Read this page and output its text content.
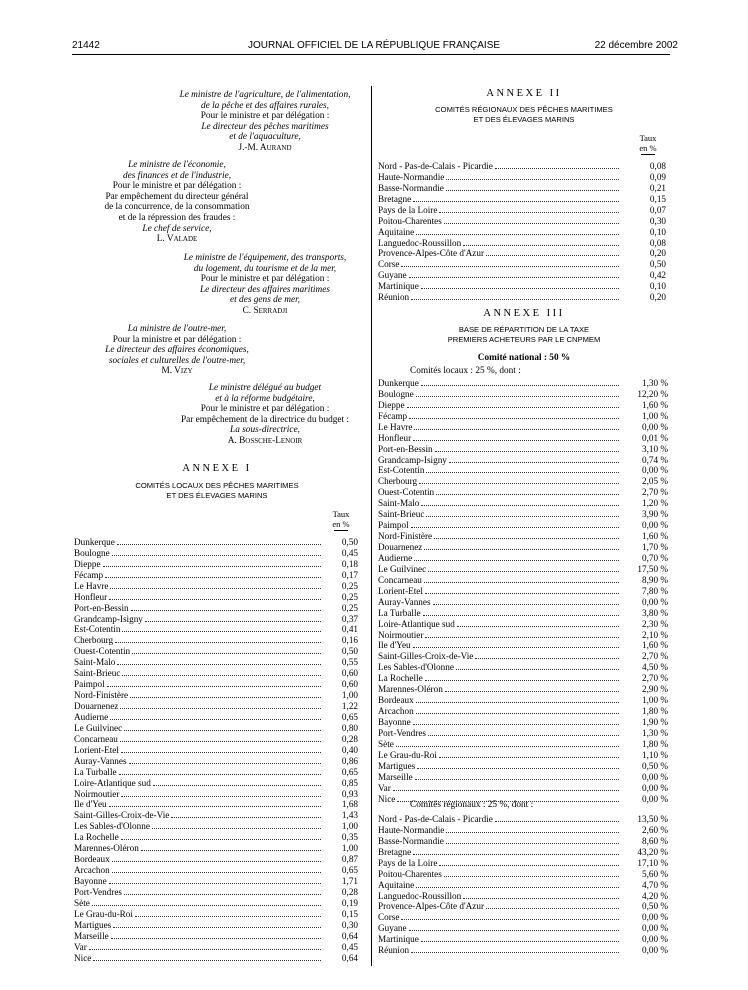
21442	JOURNAL OFFICIEL DE LA RÉPUBLIQUE FRANÇAISE	22 décembre 2002
Le ministre de l'agriculture, de l'alimentation,
de la pêche et des affaires rurales,
Pour le ministre et par délégation :
Le directeur des pêches maritimes
et de l'aquaculture,
J.-M. Aurand
Le ministre de l'économie,
des finances et de l'industrie,
Pour le ministre et par délégation :
Par empêchement du directeur général
de la concurrence, de la consommation
et de la répression des fraudes :
Le chef de service,
L. Valade
Le ministre de l'équipement, des transports,
du logement, du tourisme et de la mer,
Pour le ministre et par délégation :
Le directeur des affaires maritimes
et des gens de mer,
C. Serradji
La ministre de l'outre-mer,
Pour la ministre et par délégation :
Le directeur des affaires économiques,
sociales et culturelles de l'outre-mer,
M. Vizy
Le ministre délégué au budget
et à la réforme budgétaire,
Pour le ministre et par délégation :
Par empêchement de la directrice du budget :
La sous-directrice,
A. Bossche-Lenoir
ANNEXE I
COMITÉS LOCAUX DES PÊCHES MARITIMES
ET DES ÉLEVAGES MARINS
Taux
en %
Dunkerque	0,50
Boulogne	0,45
Dieppe	0,18
Fécamp	0,17
Le Havre	0,25
Honfleur	0,25
Port-en-Bessin	0,25
Grandcamp-Isigny	0,37
Est-Cotentin	0,41
Cherbourg	0,16
Ouest-Cotentin	0,50
Saint-Malo	0,55
Saint-Brieuc	0,60
Paimpol	0,60
Nord-Finistère	1,00
Douarnenez	1,22
Audierne	0,65
Le Guilvinec	0,80
Concarneau	0,28
Lorient-Etel	0,40
Auray-Vannes	0,86
La Turballe	0,65
Loire-Atlantique sud	0,85
Noirmoutier	0,93
Ile d'Yeu	1,68
Saint-Gilles-Croix-de-Vie	1,43
Les Sables-d'Olonne	1,00
La Rochelle	0,35
Marennes-Oléron	1,00
Bordeaux	0,87
Arcachon	0,65
Bayonne	1,71
Port-Vendres	0,28
Sète	0,19
Le Grau-du-Roi	0,15
Martigues	0,30
Marseille	0,64
Var	0,45
Nice	0,64
ANNEXE II
COMITÉS RÉGIONAUX DES PÊCHES MARITIMES
ET DES ÉLEVAGES MARINS
Taux
en %
Nord - Pas-de-Calais - Picardie	0,08
Haute-Normandie	0,09
Basse-Normandie	0,21
Bretagne	0,15
Pays de la Loire	0,07
Poitou-Charentes	0,30
Aquitaine	0,10
Languedoc-Roussillon	0,08
Provence-Alpes-Côte d'Azur	0,20
Corse	0,50
Guyane	0,42
Martinique	0,10
Réunion	0,20
ANNEXE III
BASE DE RÉPARTITION DE LA TAXE
PREMIERS ACHETEURS PAR LE CNPMEM
Comité national : 50 %
Comités locaux : 25 %, dont :
Dunkerque	1,30 %
Boulogne	12,20 %
Dieppe	1,60 %
Fécamp	1,00 %
Le Havre	0,00 %
Honfleur	0,01 %
Port-en-Bessin	3,10 %
Grandcamp-Isigny	0,74 %
Est-Cotentin	0,00 %
Cherbourg	2,05 %
Ouest-Cotentin	2,70 %
Saint-Malo	1,20 %
Saint-Brieuc	3,90 %
Paimpol	0,00 %
Nord-Finistère	1,60 %
Douarnenez	1,70 %
Audierne	0,70 %
Le Guilvinec	17,50 %
Concarneau	8,90 %
Lorient-Etel	7,80 %
Auray-Vannes	0,00 %
La Turballe	3,80 %
Loire-Atlantique sud	2,30 %
Noirmoutier	2,10 %
Ile d'Yeu	1,60 %
Saint-Gilles-Croix-de-Vie	2,70 %
Les Sables-d'Olonne	4,50 %
La Rochelle	2,70 %
Marennes-Oléron	2,90 %
Bordeaux	1,00 %
Arcachon	1,80 %
Bayonne	1,90 %
Port-Vendres	1,30 %
Sète	1,80 %
Le Grau-du-Roi	1,10 %
Martigues	0,50 %
Marseille	0,00 %
Var	0,00 %
Nice	0,00 %
Comités régionaux : 25 %, dont :
Nord - Pas-de-Calais - Picardie	13,50 %
Haute-Normandie	2,60 %
Basse-Normandie	8,60 %
Bretagne	43,20 %
Pays de la Loire	17,10 %
Poitou-Charentes	5,60 %
Aquitaine	4,70 %
Languedoc-Roussillon	4,20 %
Provence-Alpes-Côte d'Azur	0,50 %
Corse	0,00 %
Guyane	0,00 %
Martinique	0,00 %
Réunion	0,00 %
